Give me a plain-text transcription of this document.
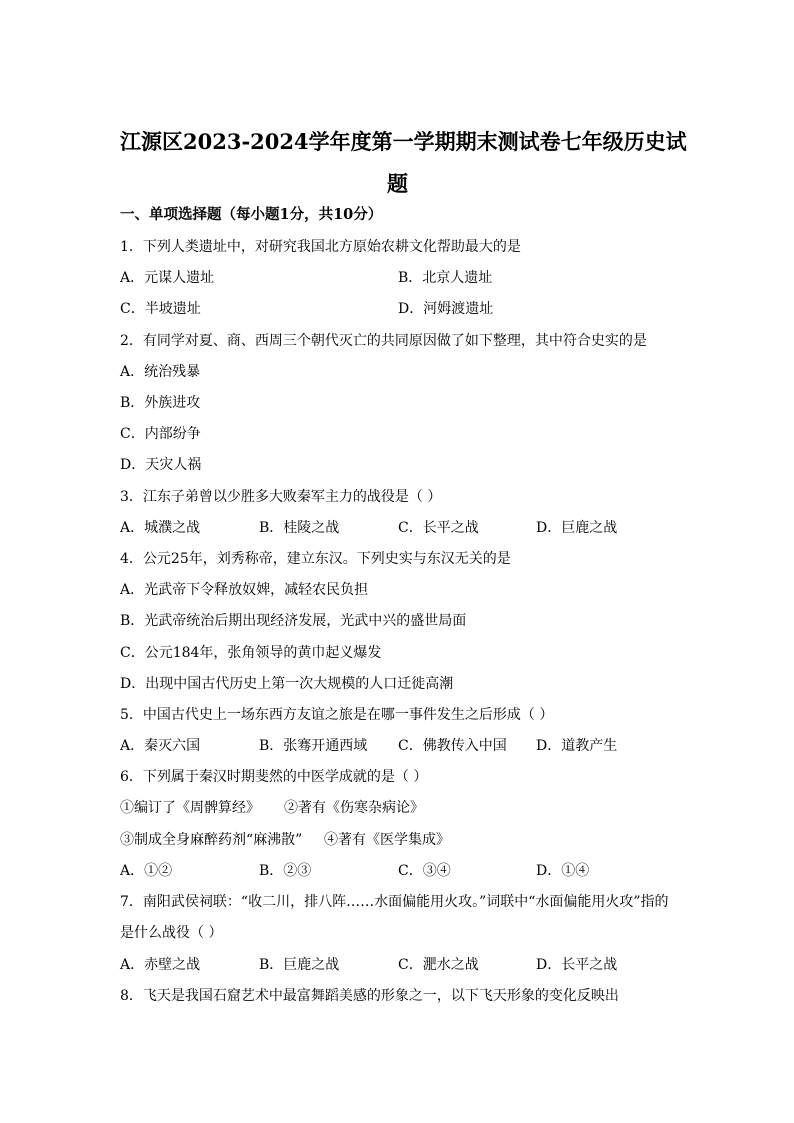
江源区2023-2024学年度第一学期期末测试卷七年级历史试
题
一、单项选择题（每小题1分，共10分）
1．下列人类遗址中，对研究我国北方原始农耕文化帮助最大的是
A．元谋人遗址	B．北京人遗址
C．半坡遗址	D．河姆渡遗址
2．有同学对夏、商、西周三个朝代灭亡的共同原因做了如下整理，其中符合史实的是
A．统治残暴
B．外族进攻
C．内部纷争
D．天灾人祸
3．江东子弟曾以少胜多大败秦军主力的战役是（ ）
A．城濮之战	B．桂陵之战	C．长平之战	D．巨鹿之战
4．公元25年，刘秀称帝，建立东汉。下列史实与东汉无关的是
A．光武帝下令释放奴婢，减轻农民负担
B．光武帝统治后期出现经济发展，光武中兴的盛世局面
C．公元184年，张角领导的黄巾起义爆发
D．出现中国古代历史上第一次大规模的人口迁徙高潮
5．中国古代史上一场东西方友谊之旅是在哪一事件发生之后形成（ ）
A．秦灭六国	B．张骞开通西域 C．佛教传入中国 D．道教产生
6．下列属于秦汉时期斐然的中医学成就的是（ ）
①编订了《周髀算经》 ②著有《伤寒杂病论》
③制成全身麻醉药剂“麻沸散” ④著有《医学集成》
A．①②	B．②③	C．③④	D．①④
7．南阳武侯祠联：“收二川，排八阵……水面偏能用火攻。”词联中“水面偏能用火攻”指的
是什么战役（ ）
A．赤壁之战	B．巨鹿之战	C．淝水之战	D．长平之战
8．飞天是我国石窟艺术中最富舞蹈美感的形象之一，以下飞天形象的变化反映出
